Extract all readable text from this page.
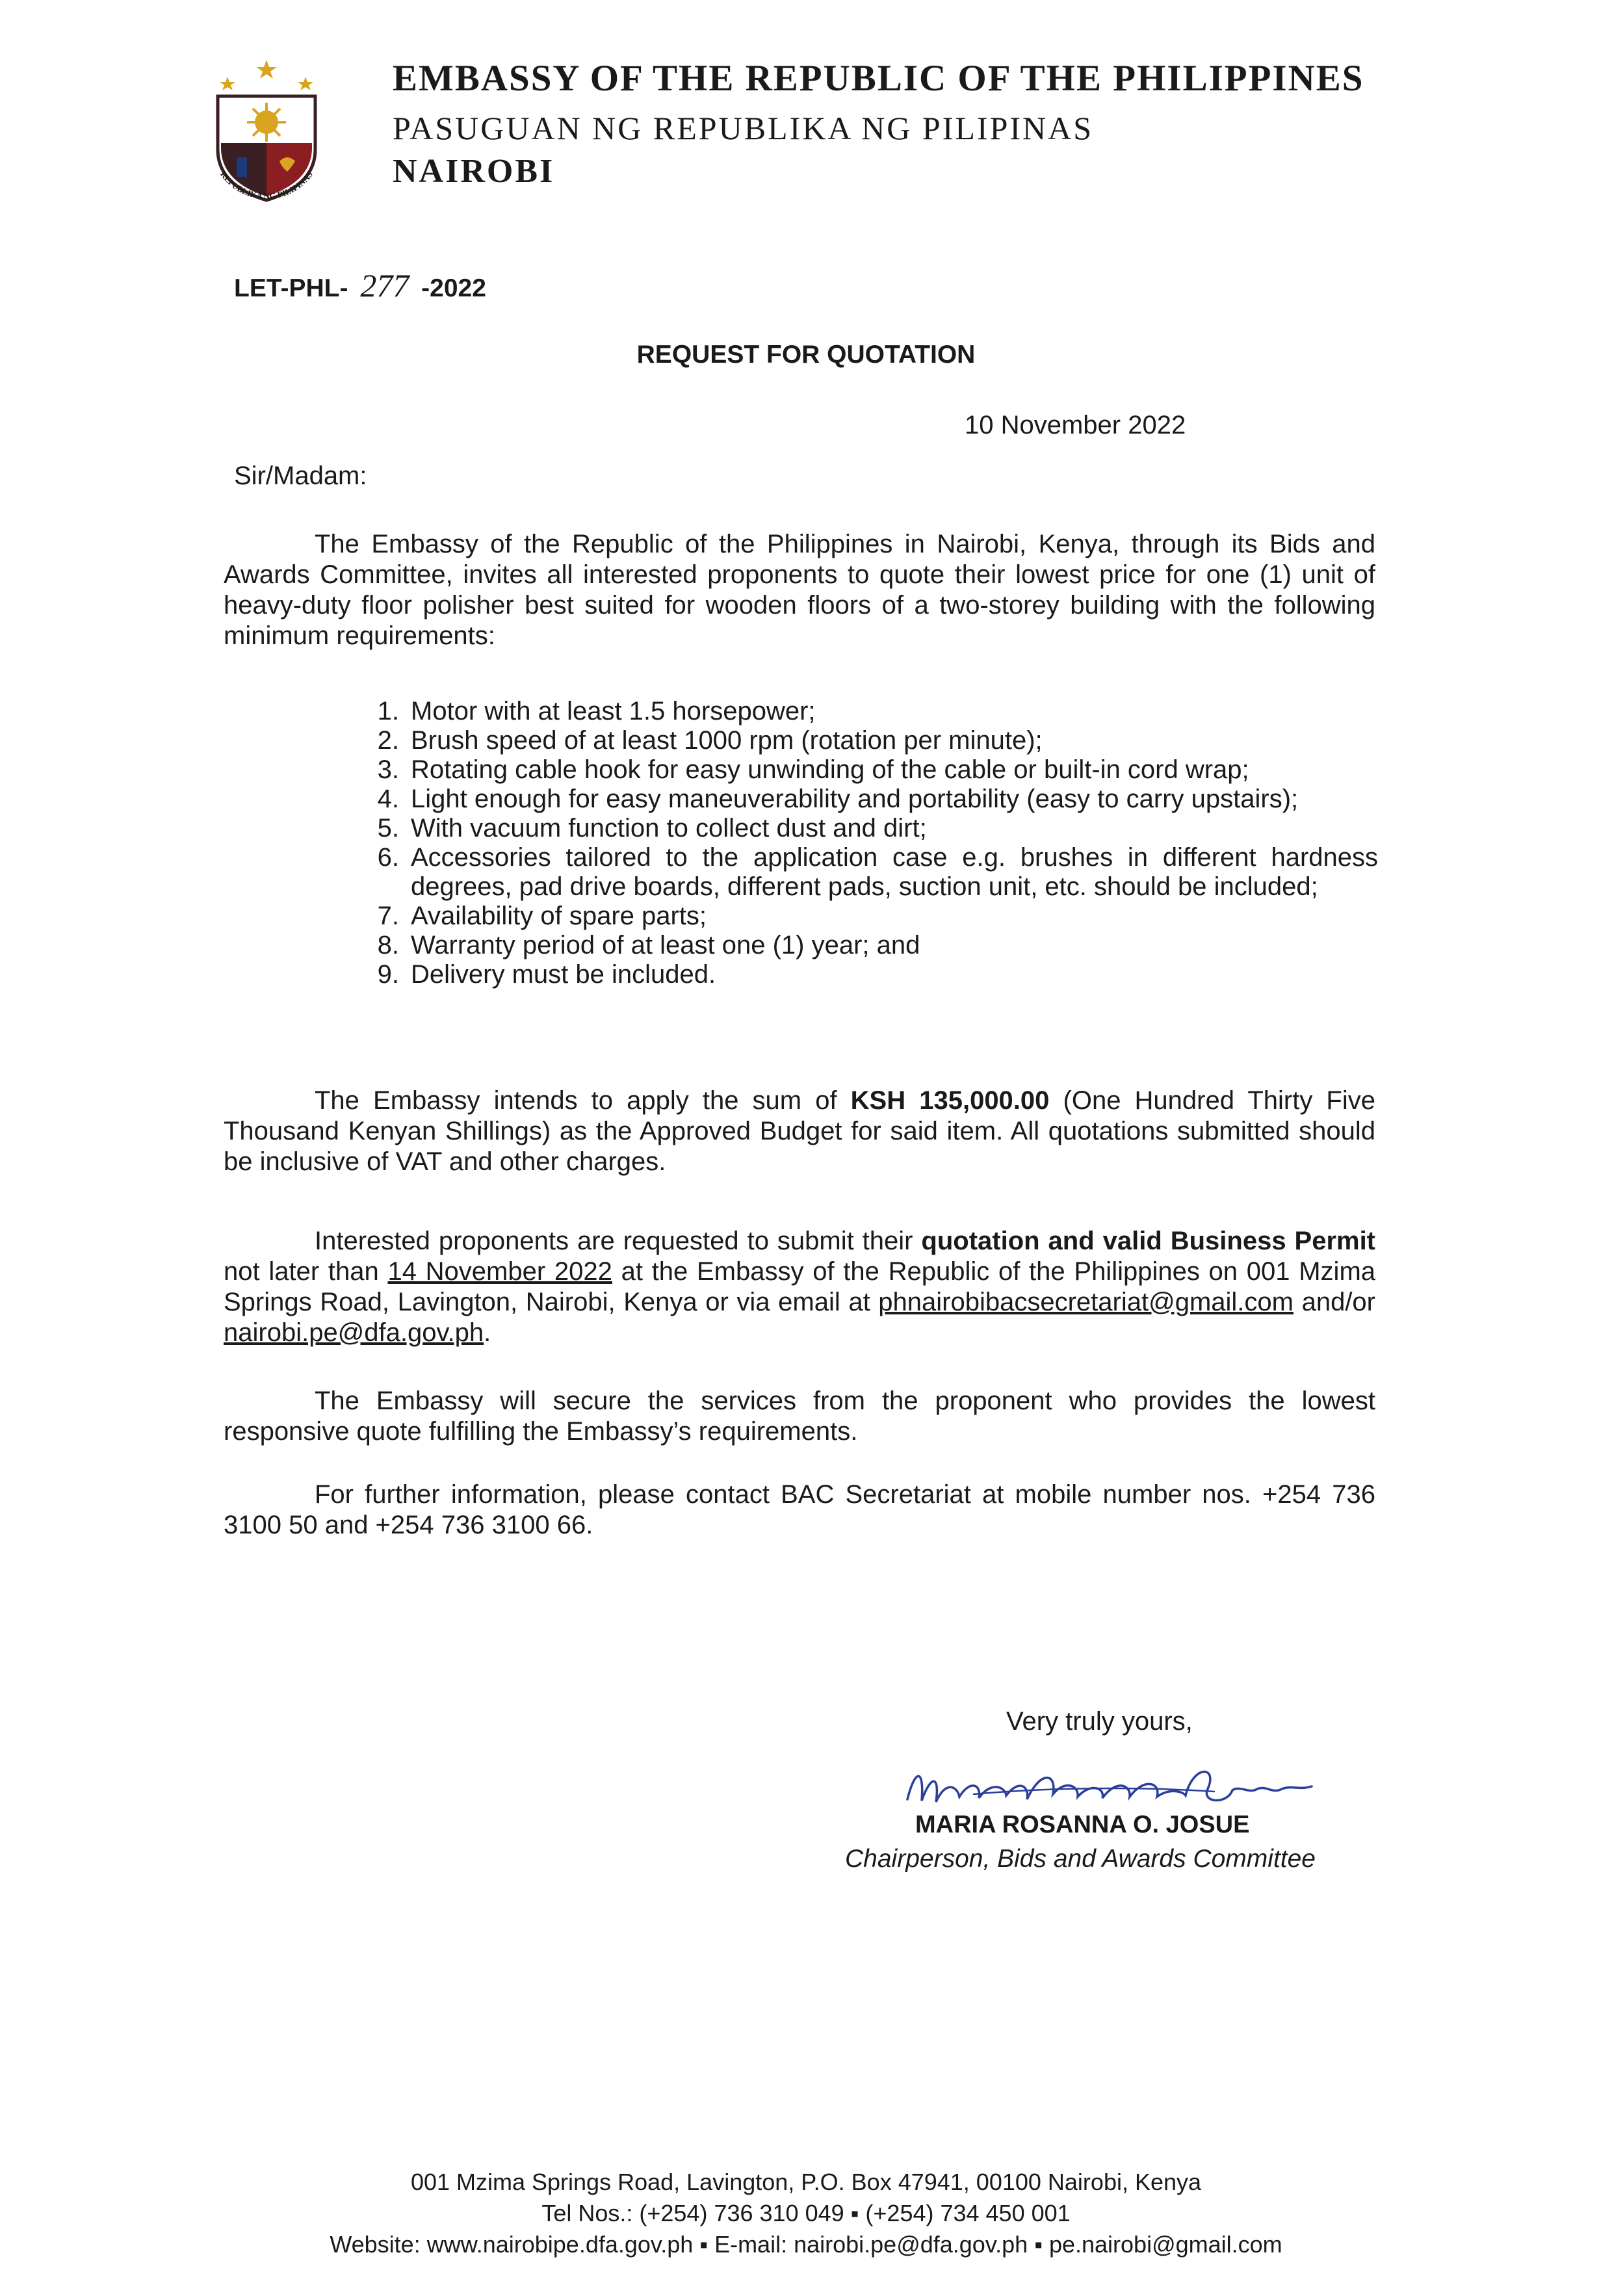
REPUBLIKA NG PILIPINAS
EMBASSY OF THE REPUBLIC OF THE PHILIPPINES
PASUGUAN NG REPUBLIKA NG PILIPINAS
NAIROBI
LET-PHL- 277 -2022
REQUEST FOR QUOTATION
10 November 2022
Sir/Madam:

The Embassy of the Republic of the Philippines in Nairobi, Kenya, through its Bids and Awards Committee, invites all interested proponents to quote their lowest price for one (1) unit of heavy-duty floor polisher best suited for wooden floors of a two-storey building with the following minimum requirements:

1. Motor with at least 1.5 horsepower;
2. Brush speed of at least 1000 rpm (rotation per minute);
3. Rotating cable hook for easy unwinding of the cable or built-in cord wrap;
4. Light enough for easy maneuverability and portability (easy to carry upstairs);
5. With vacuum function to collect dust and dirt;
6. Accessories tailored to the application case e.g. brushes in different hardness degrees, pad drive boards, different pads, suction unit, etc. should be included;
7. Availability of spare parts;
8. Warranty period of at least one (1) year; and
9. Delivery must be included.

The Embassy intends to apply the sum of KSH 135,000.00 (One Hundred Thirty Five Thousand Kenyan Shillings) as the Approved Budget for said item. All quotations submitted should be inclusive of VAT and other charges.

Interested proponents are requested to submit their quotation and valid Business Permit not later than 14 November 2022 at the Embassy of the Republic of the Philippines on 001 Mzima Springs Road, Lavington, Nairobi, Kenya or via email at phnairobibacsecretariat@gmail.com and/or nairobi.pe@dfa.gov.ph.

The Embassy will secure the services from the proponent who provides the lowest responsive quote fulfilling the Embassy’s requirements.

For further information, please contact BAC Secretariat at mobile number nos. +254 736 3100 50 and +254 736 3100 66.

Very truly yours,
MARIA ROSANNA O. JOSUE
Chairperson, Bids and Awards Committee
001 Mzima Springs Road, Lavington, P.O. Box 47941, 00100 Nairobi, Kenya
Tel Nos.: (+254) 736 310 049 ▪ (+254) 734 450 001
Website: www.nairobipe.dfa.gov.ph ▪ E-mail: nairobi.pe@dfa.gov.ph ▪ pe.nairobi@gmail.com
